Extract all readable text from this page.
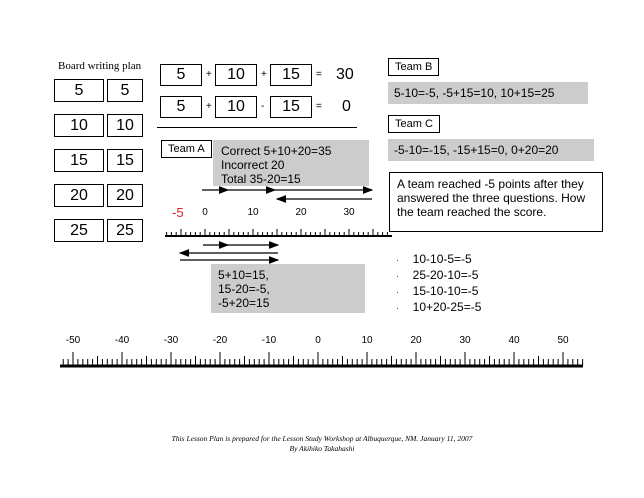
Board writing plan
5	5
10	10
15	15
20	20
25	25
5	+ 10	+ 15	= 30
5	+ 10	-	15	= 0
Team A	Correct 5+10+20=35
Incorrect 20
Total 35-20=15
Team B
5-10=-5, -5+15=10, 10+15=25
Team C
-5-10=-15, -15+15=0, 0+20=20
A team reached -5 points after they answered the three questions. How the team reached the score.
-5	0	10	20	30
5+10=15,
15-20=-5,
-5+20=15
· 10-10-5=-5
· 25-20-10=-5
· 15-10-10=-5
· 10+20-25=-5
-50	-40	-30	-20	-10	0	10	20	30	40	50
This Lesson Plan is prepared for the Lesson Study Workshop at Albuquerque, NM. January 11, 2007
By Akihiko Takahashi
